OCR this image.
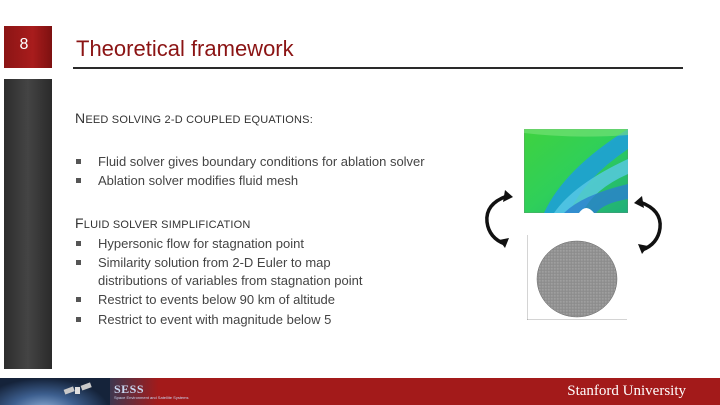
8	Theoretical framework
NEED SOLVING 2-D COUPLED EQUATIONS:
Fluid solver gives boundary conditions for ablation solver
Ablation solver modifies fluid mesh
FLUID SOLVER SIMPLIFICATION
Hypersonic flow for stagnation point
Similarity solution from 2-D Euler to map distributions of variables from stagnation point
Restrict to events below 90 km of altitude
Restrict to event with magnitude below 5
SESS
Space Environment and Satellite Systems	Stanford University
